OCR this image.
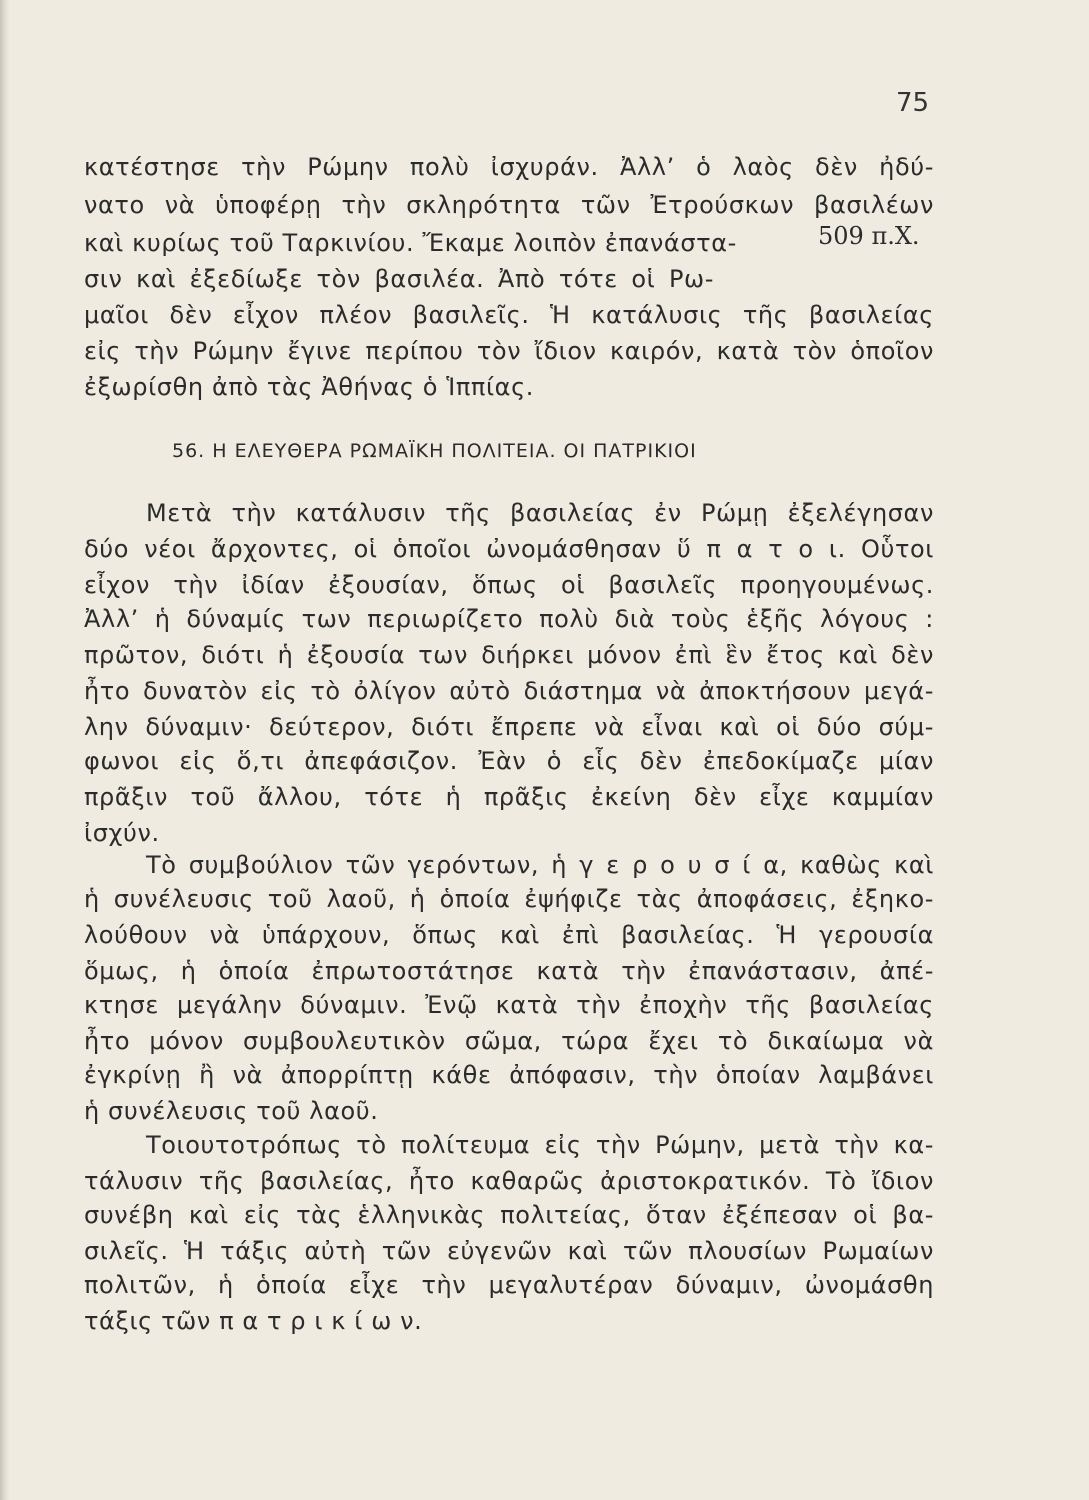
75
κατέστησε τὴν Ρώμην πολὺ ἰσχυράν. Ἀλλ’ ὁ λαὸς δὲν ἠδύ-
νατο νὰ ὑποφέρῃ τὴν σκληρότητα τῶν Ἐτρούσκων βασιλέων
καὶ κυρίως τοῦ Ταρκινίου. Ἔκαμε λοιπὸν ἐπανάστα-
σιν καὶ ἐξεδίωξε τὸν βασιλέα. Ἀπὸ τότε οἱ Ρω-
509 π.Χ.
μαῖοι δὲν εἶχον πλέον βασιλεῖς. Ἡ κατάλυσις τῆς βασιλείας
εἰς τὴν Ρώμην ἔγινε περίπου τὸν ἴδιον καιρόν, κατὰ τὸν ὁποῖον
ἐξωρίσθη ἀπὸ τὰς Ἀθήνας ὁ Ἱππίας.
56. Η ΕΛΕΥΘΕΡΑ ΡΩΜΑΪΚΗ ΠΟΛΙΤΕΙΑ. ΟΙ ΠΑΤΡΙΚΙΟΙ
Μετὰ τὴν κατάλυσιν τῆς βασιλείας ἐν Ρώμῃ ἐξελέγησαν
δύο νέοι ἄρχοντες, οἱ ὁποῖοι ὠνομάσθησαν ὕ π α τ ο ι. Οὗτοι
εἶχον τὴν ἰδίαν ἐξουσίαν, ὅπως οἱ βασιλεῖς προηγουμένως.
Ἀλλ’ ἡ δύναμίς των περιωρίζετο πολὺ διὰ τοὺς ἑξῆς λόγους :
πρῶτον, διότι ἡ ἐξουσία των διήρκει μόνον ἐπὶ ἓν ἔτος καὶ δὲν
ἦτο δυνατὸν εἰς τὸ ὀλίγον αὐτὸ διάστημα νὰ ἀποκτήσουν μεγά-
λην δύναμιν· δεύτερον, διότι ἔπρεπε νὰ εἶναι καὶ οἱ δύο σύμ-
φωνοι εἰς ὅ,τι ἀπεφάσιζον. Ἐὰν ὁ εἷς δὲν ἐπεδοκίμαζε μίαν
πρᾶξιν τοῦ ἄλλου, τότε ἡ πρᾶξις ἐκείνη δὲν εἶχε καμμίαν
ἰσχύν.
Τὸ συμβούλιον τῶν γερόντων, ἡ γ ε ρ ο υ σ ί α, καθὼς καὶ
ἡ συνέλευσις τοῦ λαοῦ, ἡ ὁποία ἐψήφιζε τὰς ἀποφάσεις, ἐξηκο-
λούθουν νὰ ὑπάρχουν, ὅπως καὶ ἐπὶ βασιλείας. Ἡ γερουσία
ὅμως, ἡ ὁποία ἐπρωτοστάτησε κατὰ τὴν ἐπανάστασιν, ἀπέ-
κτησε μεγάλην δύναμιν. Ἐνῷ κατὰ τὴν ἐποχὴν τῆς βασιλείας
ἦτο μόνον συμβουλευτικὸν σῶμα, τώρα ἔχει τὸ δικαίωμα νὰ
ἐγκρίνῃ ἢ νὰ ἀπορρίπτῃ κάθε ἀπόφασιν, τὴν ὁποίαν λαμβάνει
ἡ συνέλευσις τοῦ λαοῦ.
Τοιουτοτρόπως τὸ πολίτευμα εἰς τὴν Ρώμην, μετὰ τὴν κα-
τάλυσιν τῆς βασιλείας, ἦτο καθαρῶς ἀριστοκρατικόν. Τὸ ἴδιον
συνέβη καὶ εἰς τὰς ἑλληνικὰς πολιτείας, ὅταν ἐξέπεσαν οἱ βα-
σιλεῖς. Ἡ τάξις αὐτὴ τῶν εὐγενῶν καὶ τῶν πλουσίων Ρωμαίων
πολιτῶν, ἡ ὁποία εἶχε τὴν μεγαλυτέραν δύναμιν, ὠνομάσθη
τάξις τῶν π α τ ρ ι κ ί ω ν.
